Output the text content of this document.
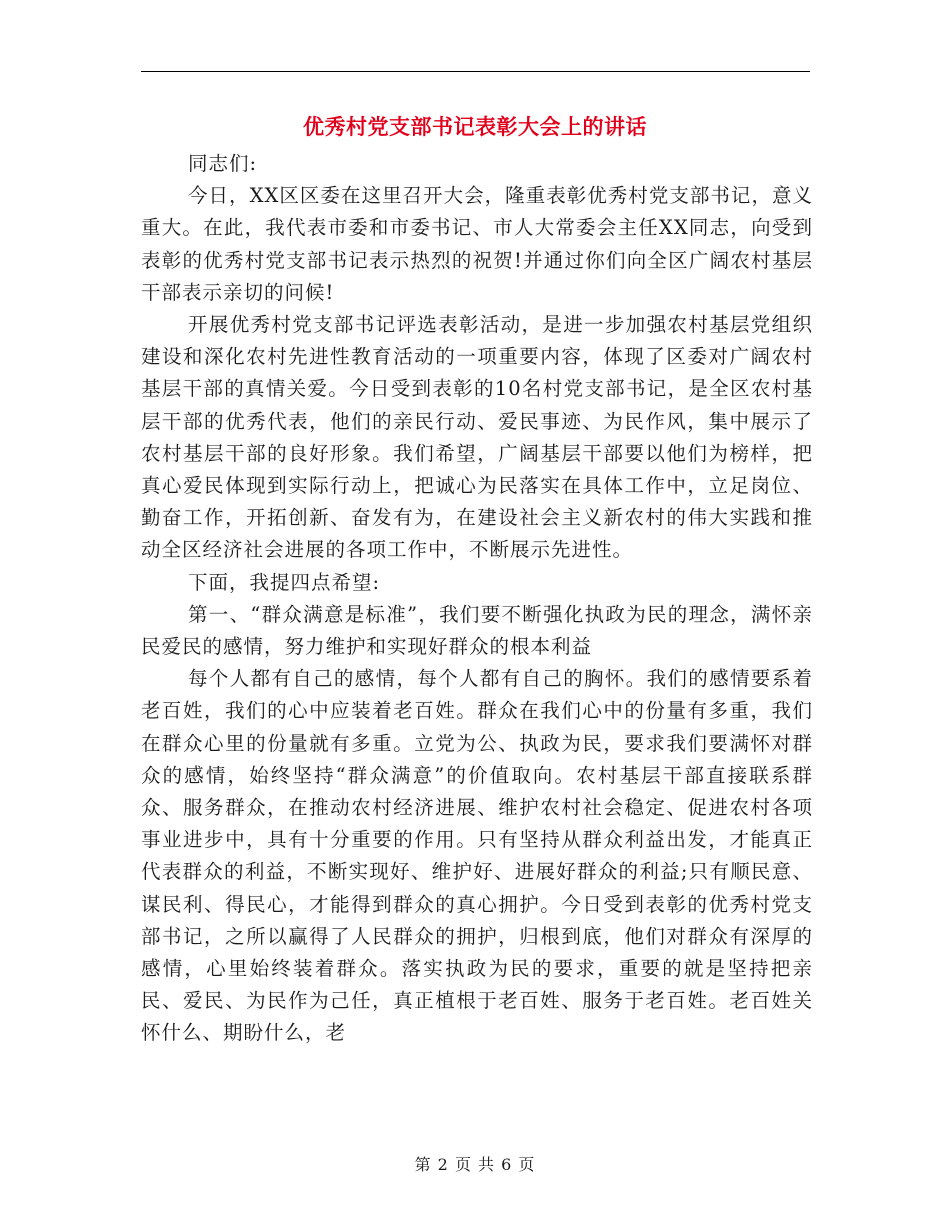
优秀村党支部书记表彰大会上的讲话

同志们:

今日，XX区区委在这里召开大会，隆重表彰优秀村党支部书记，意义重大。在此，我代表市委和市委书记、市人大常委会主任XX同志，向受到表彰的优秀村党支部书记表示热烈的祝贺!并通过你们向全区广阔农村基层干部表示亲切的问候!

开展优秀村党支部书记评选表彰活动，是进一步加强农村基层党组织建设和深化农村先进性教育活动的一项重要内容，体现了区委对广阔农村基层干部的真情关爱。今日受到表彰的10名村党支部书记，是全区农村基层干部的优秀代表，他们的亲民行动、爱民事迹、为民作风，集中展示了农村基层干部的良好形象。我们希望，广阔基层干部要以他们为榜样，把真心爱民体现到实际行动上，把诚心为民落实在具体工作中，立足岗位、勤奋工作，开拓创新、奋发有为，在建设社会主义新农村的伟大实践和推动全区经济社会进展的各项工作中，不断展示先进性。

下面，我提四点希望:

第一、“群众满意是标准”，我们要不断强化执政为民的理念，满怀亲民爱民的感情，努力维护和实现好群众的根本利益

每个人都有自己的感情，每个人都有自己的胸怀。我们的感情要系着老百姓，我们的心中应装着老百姓。群众在我们心中的份量有多重，我们在群众心里的份量就有多重。立党为公、执政为民，要求我们要满怀对群众的感情，始终坚持“群众满意”的价值取向。农村基层干部直接联系群众、服务群众，在推动农村经济进展、维护农村社会稳定、促进农村各项事业进步中，具有十分重要的作用。只有坚持从群众利益出发，才能真正代表群众的利益，不断实现好、维护好、进展好群众的利益;只有顺民意、谋民利、得民心，才能得到群众的真心拥护。今日受到表彰的优秀村党支部书记，之所以赢得了人民群众的拥护，归根到底，他们对群众有深厚的感情，心里始终装着群众。落实执政为民的要求，重要的就是坚持把亲民、爱民、为民作为己任，真正植根于老百姓、服务于老百姓。老百姓关怀什么、期盼什么，老

第 2 页 共 6 页
